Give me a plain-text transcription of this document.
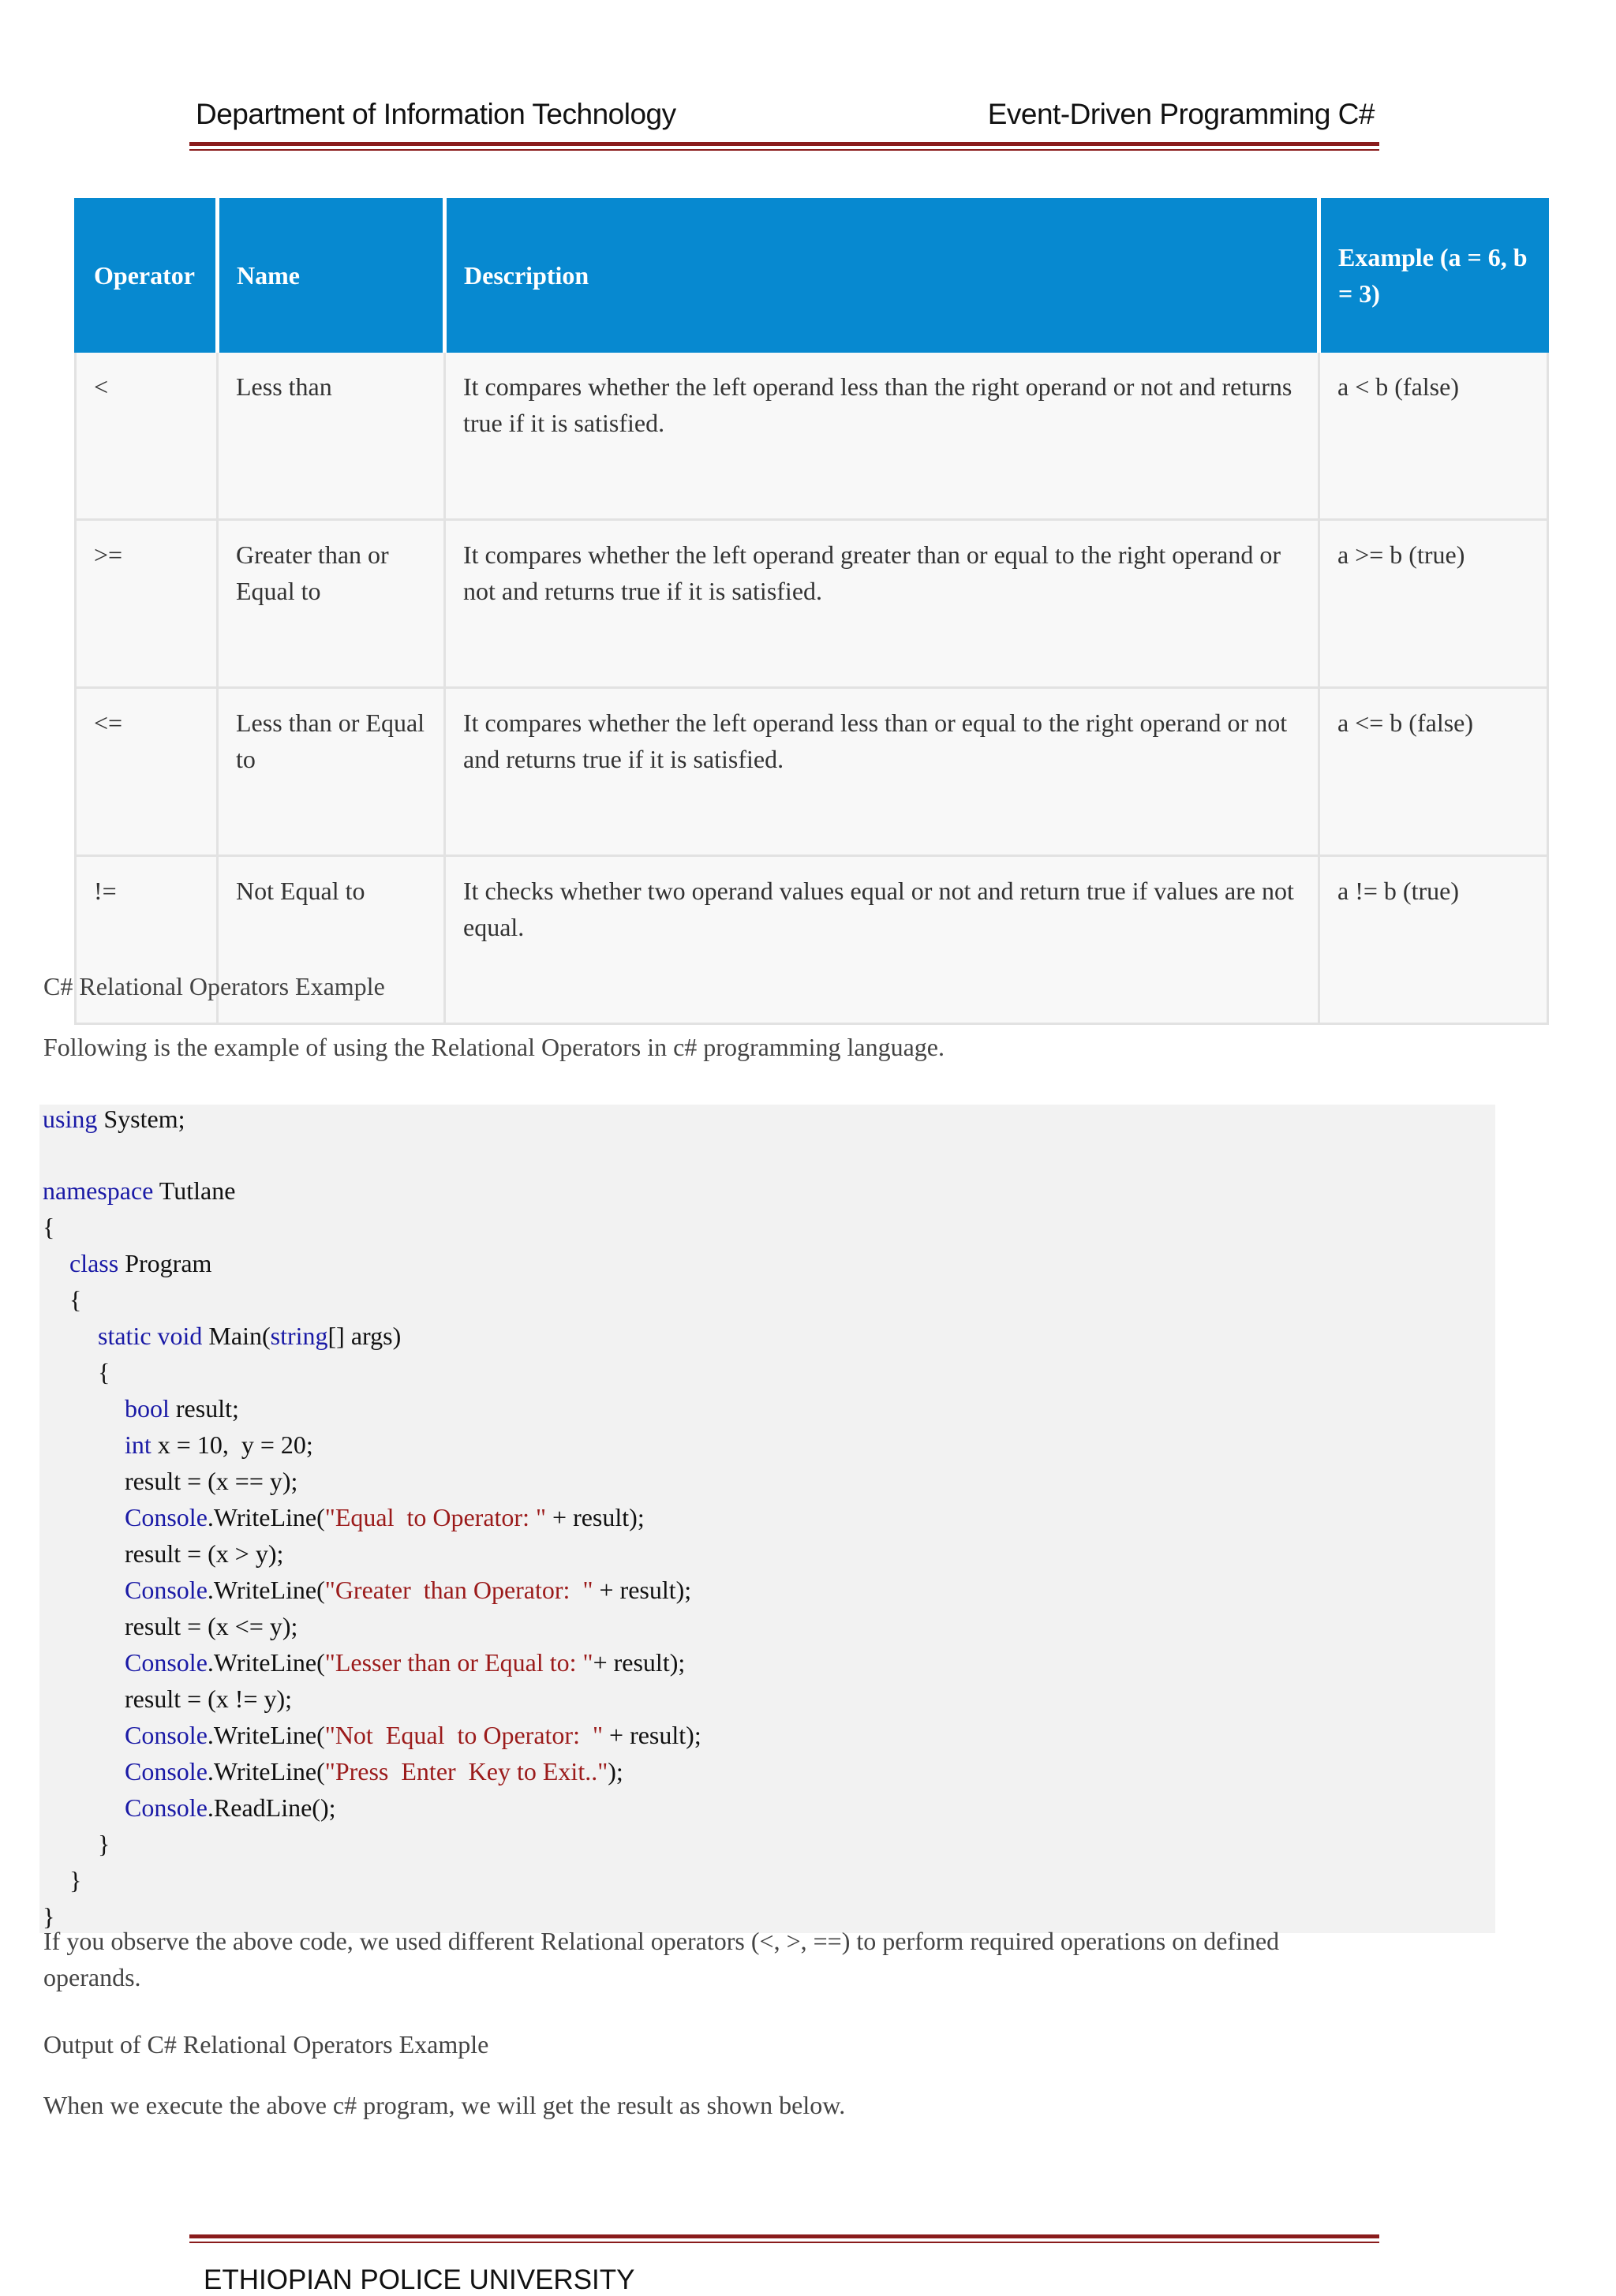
Department of Information Technology	Event-Driven Programming C#
Operator	Name	Description	Example (a = 6, b = 3)
<	Less than	It compares whether the left operand less than the right operand or not and returns true if it is satisfied.	a < b (false)
>=	Greater than or Equal to	It compares whether the left operand greater than or equal to the right operand or not and returns true if it is satisfied.	a >= b (true)
<=	Less than or Equal to	It compares whether the left operand less than or equal to the right operand or not and returns true if it is satisfied.	a <= b (false)
!=	Not Equal to	It checks whether two operand values equal or not and return true if values are not equal.	a != b (true)
C# Relational Operators Example
Following is the example of using the Relational Operators in c# programming language.
using System;
namespace Tutlane
{
class Program
{
static void Main(string[] args)
{
bool result;
int x = 10,  y = 20;
result = (x == y);
Console.WriteLine("Equal  to Operator: " + result);
result = (x > y);
Console.WriteLine("Greater  than Operator:  " + result);
result = (x <= y);
Console.WriteLine("Lesser than or Equal to: "+ result);
result = (x != y);
Console.WriteLine("Not  Equal  to Operator:  " + result);
Console.WriteLine("Press  Enter  Key to Exit..");
Console.ReadLine();
}
}
}
If you observe the above code, we used different Relational operators (<, >, ==) to perform required operations on defined
operands.
Output of C# Relational Operators Example
When we execute the above c# program, we will get the result as shown below.
ETHIOPIAN POLICE UNIVERSITY
